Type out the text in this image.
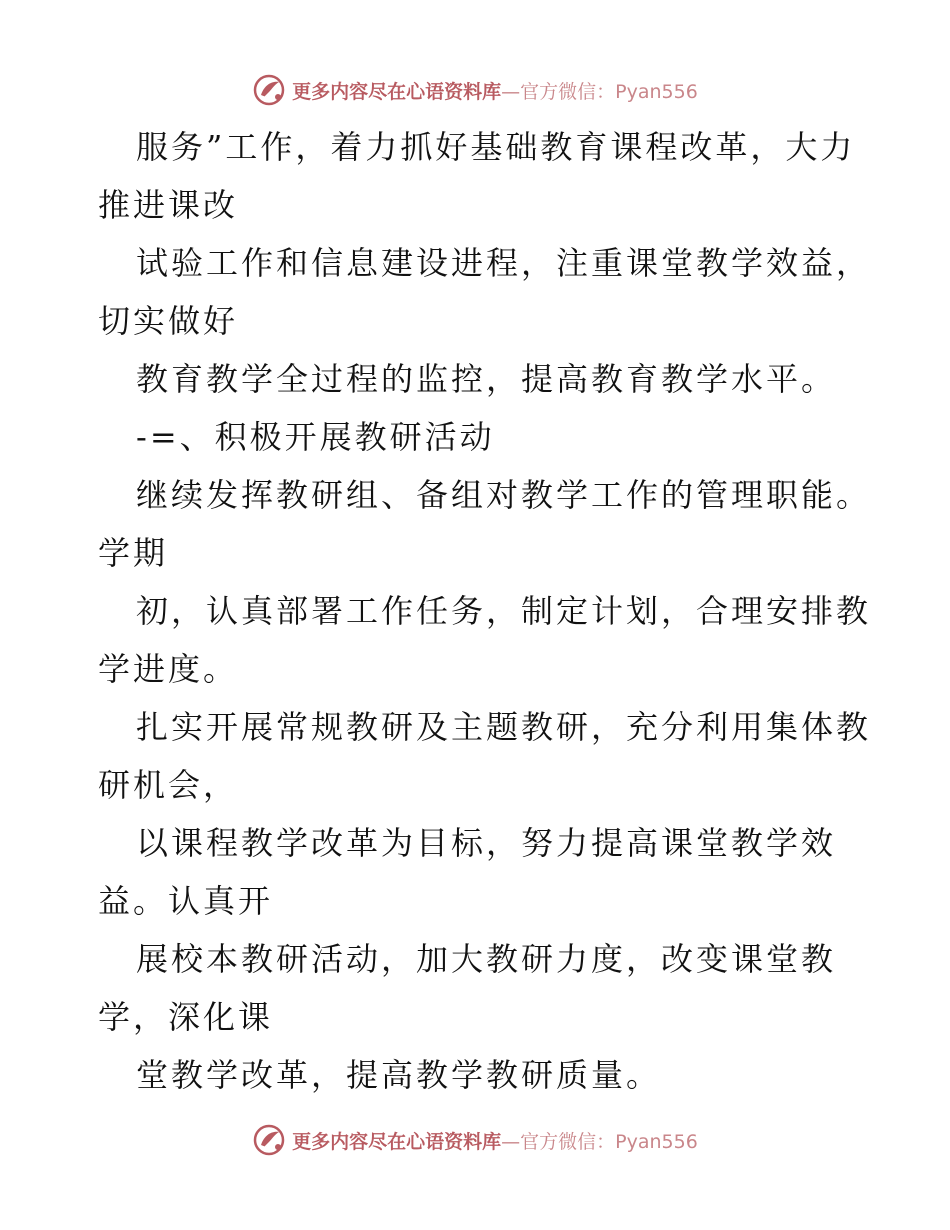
更多内容尽在心语资料库—官方微信：Pyan556

服务”工作，着力抓好基础教育课程改革，大力

推进课改

试验工作和信息建设进程，注重课堂教学效益，

切实做好

教育教学全过程的监控，提高教育教学水平。

-=、积极开展教研活动

继续发挥教研组、备组对教学工作的管理职能。

学期

初，认真部署工作任务，制定计划，合理安排教

学进度。

扎实开展常规教研及主题教研，充分利用集体教

研机会，

以课程教学改革为目标，努力提高课堂教学效

益。认真开

展校本教研活动，加大教研力度，改变课堂教

学，深化课

堂教学改革，提高教学教研质量。

更多内容尽在心语资料库—官方微信：Pyan556
